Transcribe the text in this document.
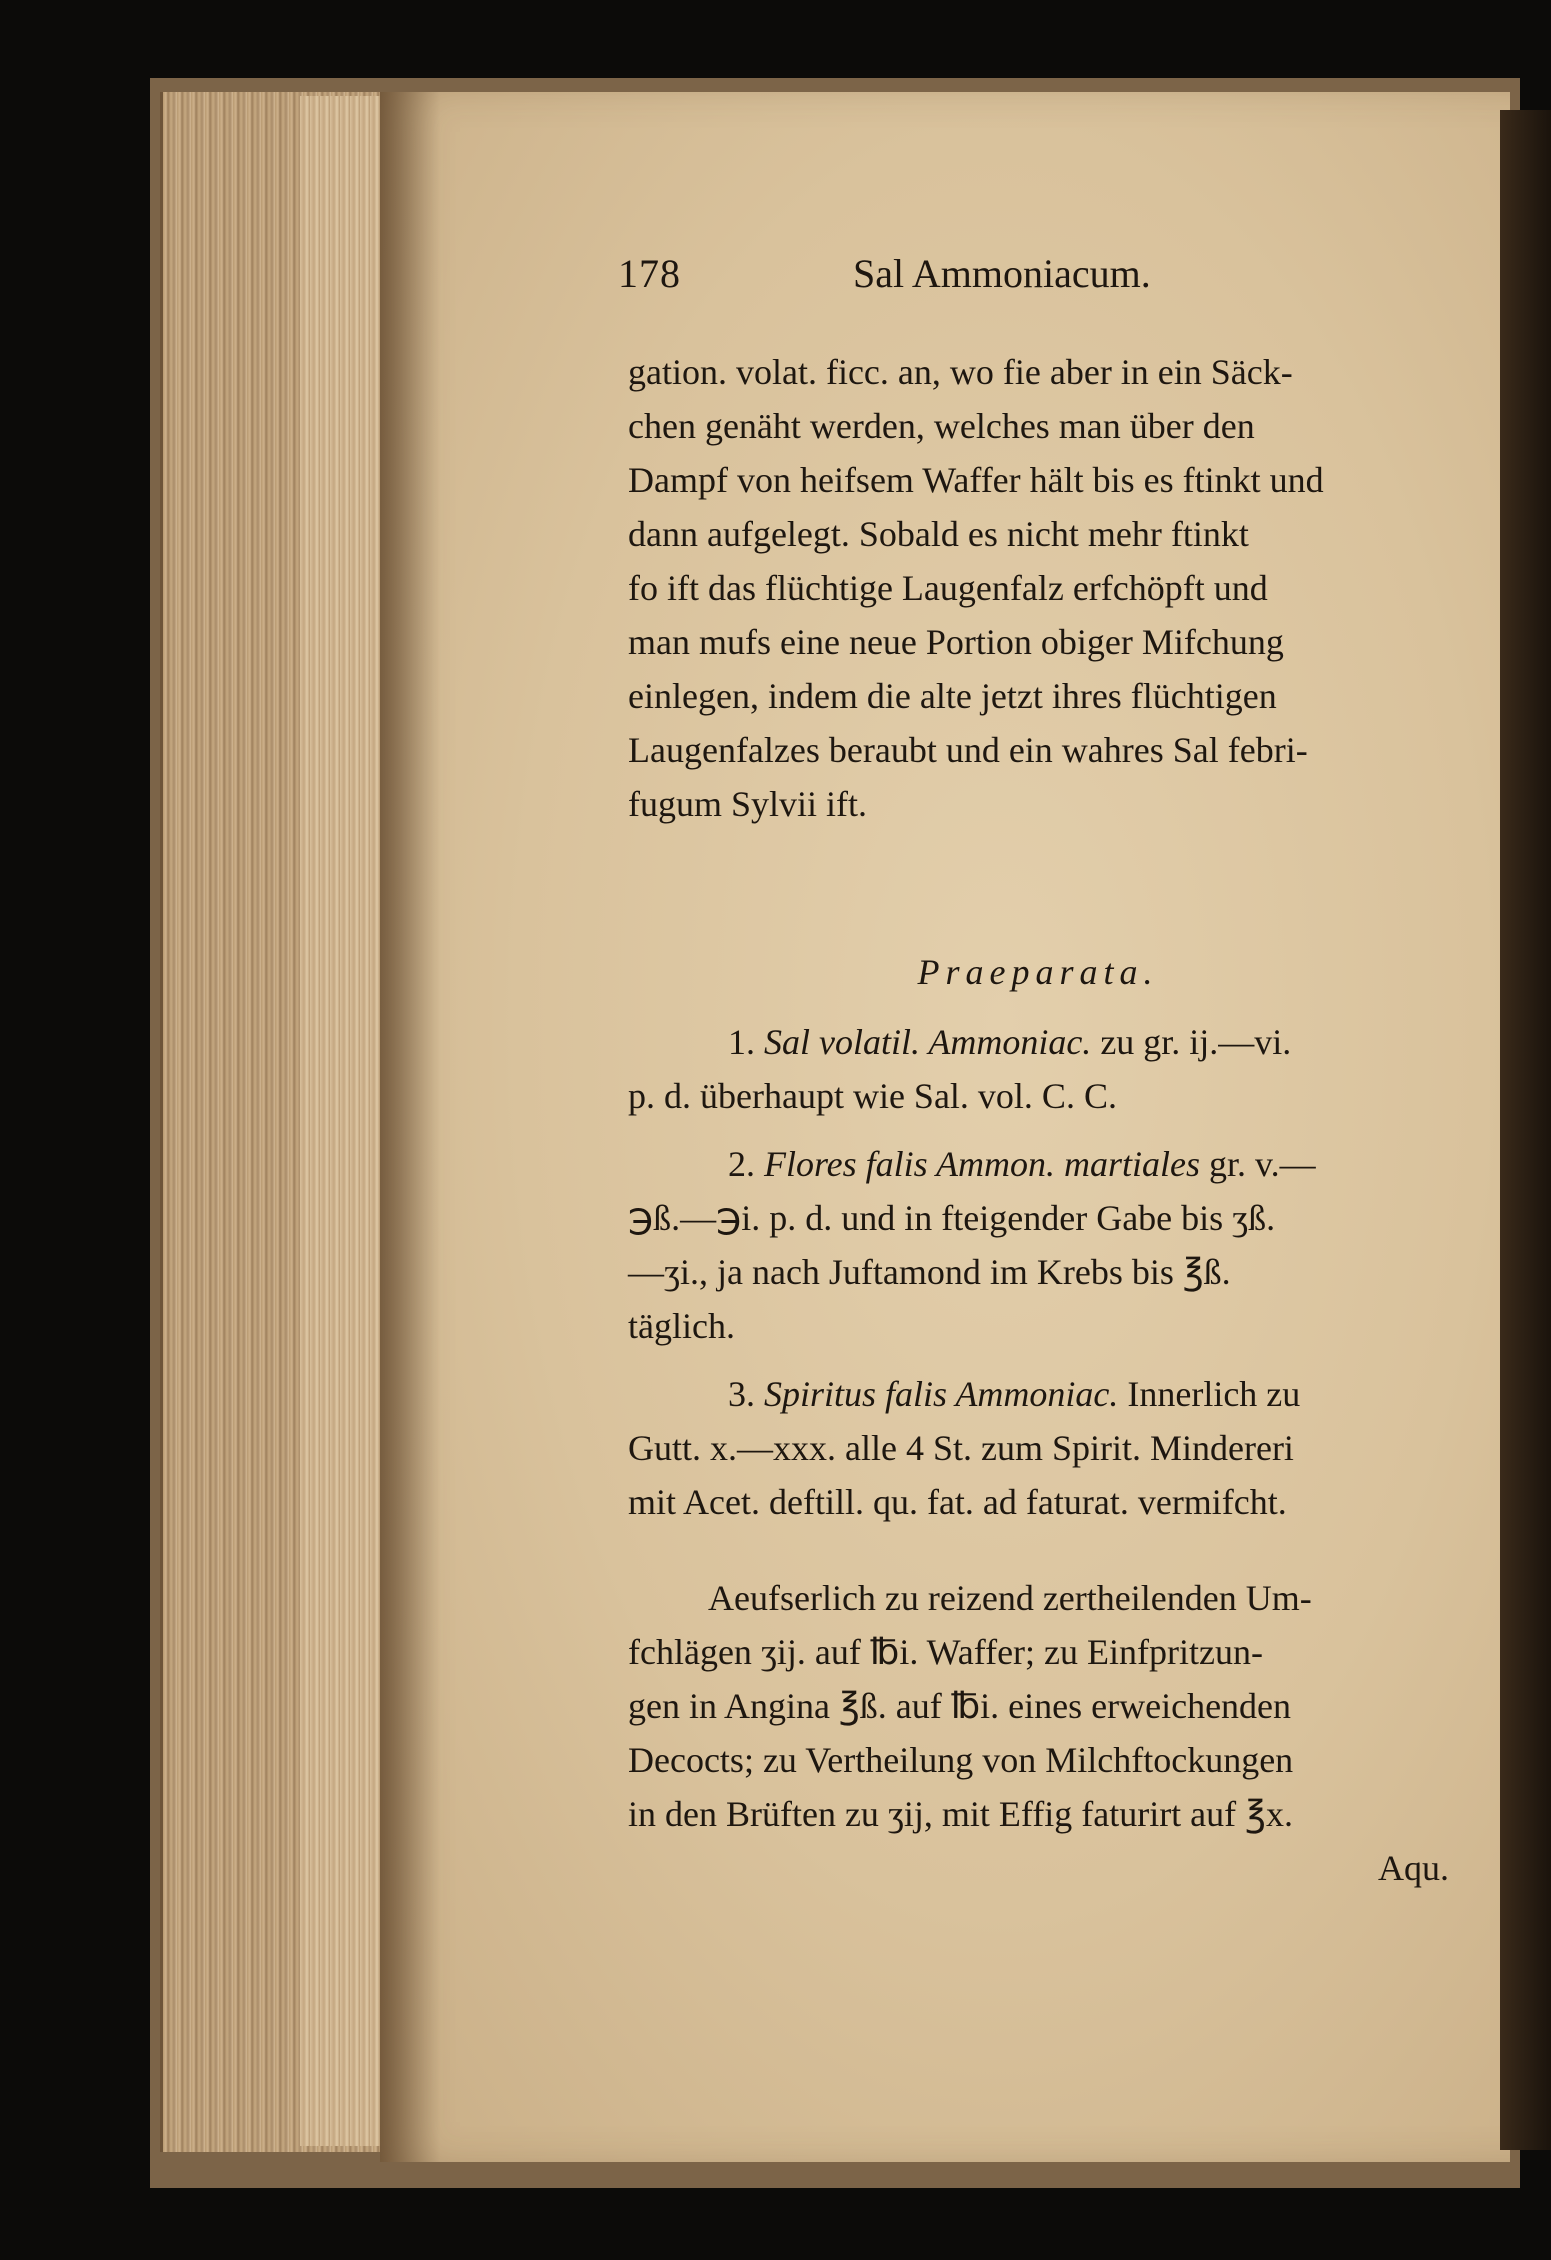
178	Sal Ammoniacum.
gation. volat. ficc. an, wo fie aber in ein Säck-
chen genäht werden, welches man über den
Dampf von heifsem Waffer hält bis es ftinkt und
dann aufgelegt. Sobald es nicht mehr ftinkt
fo ift das flüchtige Laugenfalz erfchöpft und
man mufs eine neue Portion obiger Mifchung
einlegen, indem die alte jetzt ihres flüchtigen
Laugenfalzes beraubt und ein wahres Sal febri-
fugum Sylvii ift.
Praeparata.
1. Sal volatil. Ammoniac. zu gr. ij.—vi.
p. d. überhaupt wie Sal. vol. C. C.
2. Flores falis Ammon. martiales gr. v.—
℈ß.—℈i. p. d. und in fteigender Gabe bis ʒß.
—ʒi., ja nach Juftamond im Krebs bis ℥ß.
täglich.
3. Spiritus falis Ammoniac. Innerlich zu
Gutt. x.—xxx. alle 4 St. zum Spirit. Mindereri
mit Acet. deftill. qu. fat. ad faturat. vermifcht.
Aeufserlich zu reizend zertheilenden Um-
fchlägen ʒij. auf ℔i. Waffer; zu Einfpritzun-
gen in Angina ℥ß. auf ℔i. eines erweichenden
Decocts; zu Vertheilung von Milchftockungen
in den Brüften zu ʒij, mit Effig faturirt auf ℥x.
Aqu.
